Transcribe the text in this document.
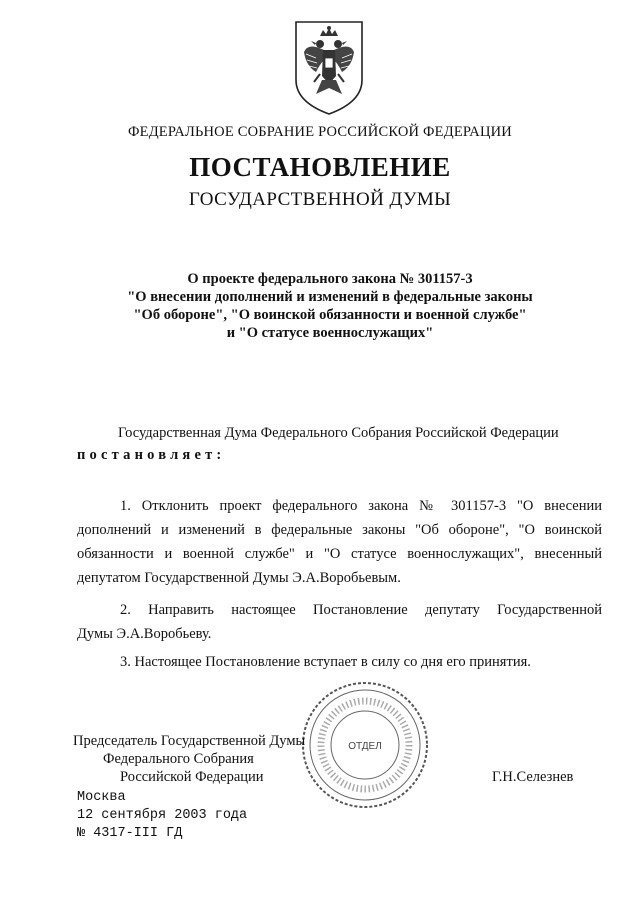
ФЕДЕРАЛЬНОЕ СОБРАНИЕ РОССИЙСКОЙ ФЕДЕРАЦИИ
ПОСТАНОВЛЕНИЕ
ГОСУДАРСТВЕННОЙ ДУМЫ
О проекте федерального закона № 301157-3
"О внесении дополнений и изменений в федеральные законы
"Об обороне", "О воинской обязанности и военной службе"
и "О статусе военнослужащих"
Государственная Дума Федерального Собрания Российской Федерации
постановляет:
1. Отклонить проект федерального закона № 301157-3 "О внесении
дополнений и изменений в федеральные законы "Об обороне", "О воинской
обязанности и военной службе" и "О статусе военнослужащих", внесенный
депутатом Государственной Думы Э.А.Воробьевым.
2. Направить настоящее Постановление депутату Государственной
Думы Э.А.Воробьеву.
3. Настоящее Постановление вступает в силу со дня его принятия.
ОТДЕЛ
Председатель Государственной Думы
Федерального Собрания
Российской Федерации	Г.Н.Селезнев
Москва
12 сентября 2003 года
№ 4317-III ГД
